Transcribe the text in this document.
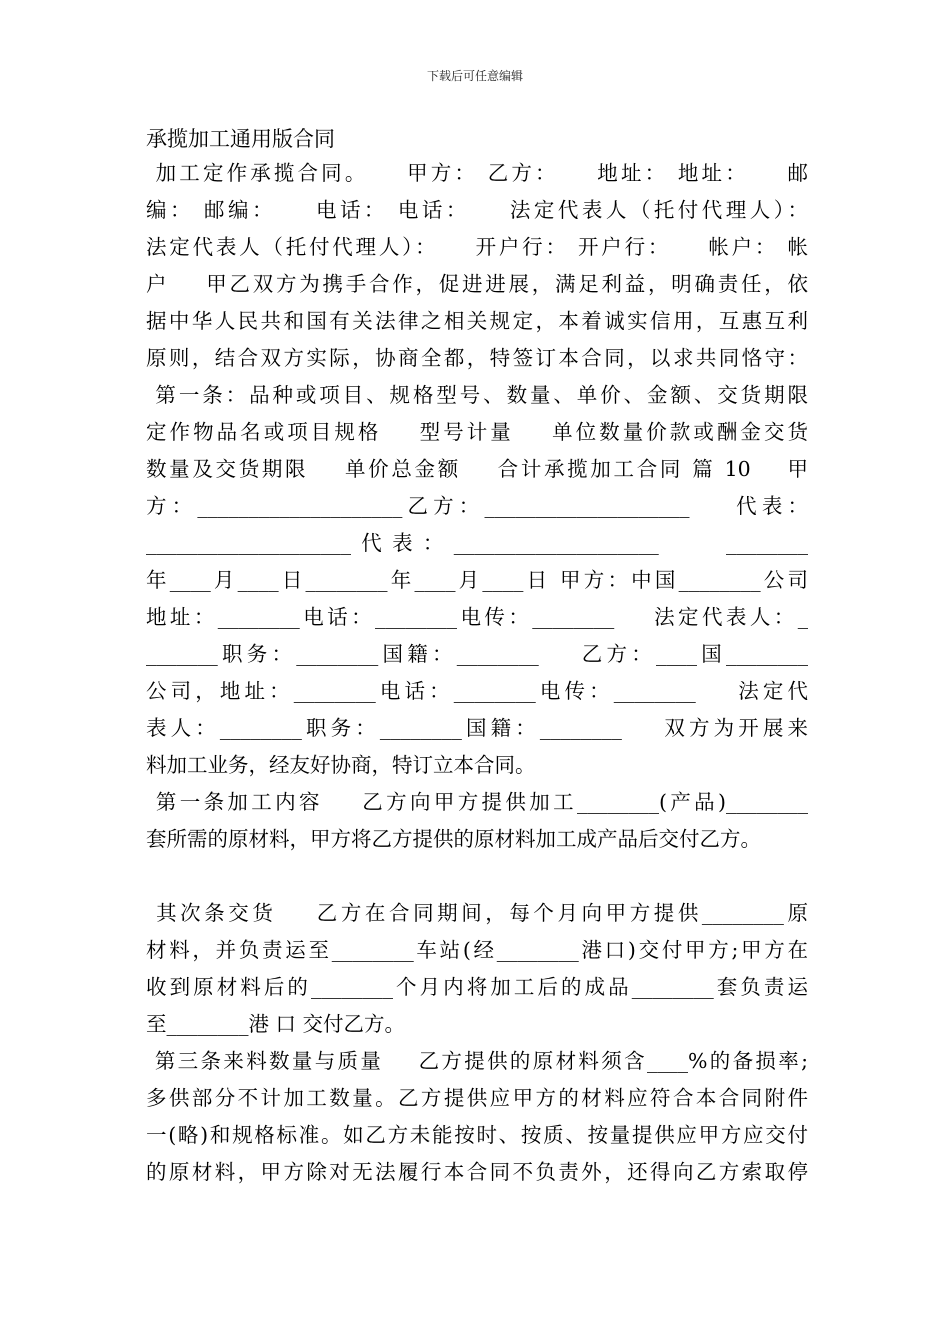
下载后可任意编辑
承揽加工通用版合同
加工定作承揽合同。    甲方： 乙方：    地址： 地址：    邮
编： 邮编：    电话： 电话：    法定代表人（托付代理人）：
法定代表人（托付代理人）：    开户行： 开户行：    帐户： 帐
户    甲乙双方为携手合作，促进进展，满足利益，明确责任，依
据中华人民共和国有关法律之相关规定，本着诚实信用，互惠互利
原则，结合双方实际，协商全都，特签订本合同，以求共同恪守：
第一条：品种或项目、规格型号、数量、单价、金额、交货期限
定作物品名或项目规格    型号计量    单位数量价款或酬金交货
数量及交货期限    单价总金额    合计承揽加工合同 篇 10    甲
方：____________________乙方：____________________    代表：
____________________代表：____________________    ________
年____月____日________年____月____日 甲方：中国________公司
地址：________电话：________电传：________    法定代表人：_
_______职务：________国籍：________    乙方：____国________
公司，地址：________电话：________电传：________    法定代
表人：________职务：________国籍：________    双方为开展来
料加工业务，经友好协商，特订立本合同。
第一条加工内容    乙方向甲方提供加工________(产品)________
套所需的原材料，甲方将乙方提供的原材料加工成产品后交付乙方。
其次条交货    乙方在合同期间，每个月向甲方提供________原
材料，并负责运至________车站(经________港口)交付甲方;甲方在
收到原材料后的________个月内将加工后的成品________套负责运
至________港 口 交付乙方。
第三条来料数量与质量    乙方提供的原材料须含____%的备损率;
多供部分不计加工数量。乙方提供应甲方的材料应符合本合同附件
一(略)和规格标准。如乙方未能按时、按质、按量提供应甲方应交付
的原材料，甲方除对无法履行本合同不负责外，还得向乙方索取停
